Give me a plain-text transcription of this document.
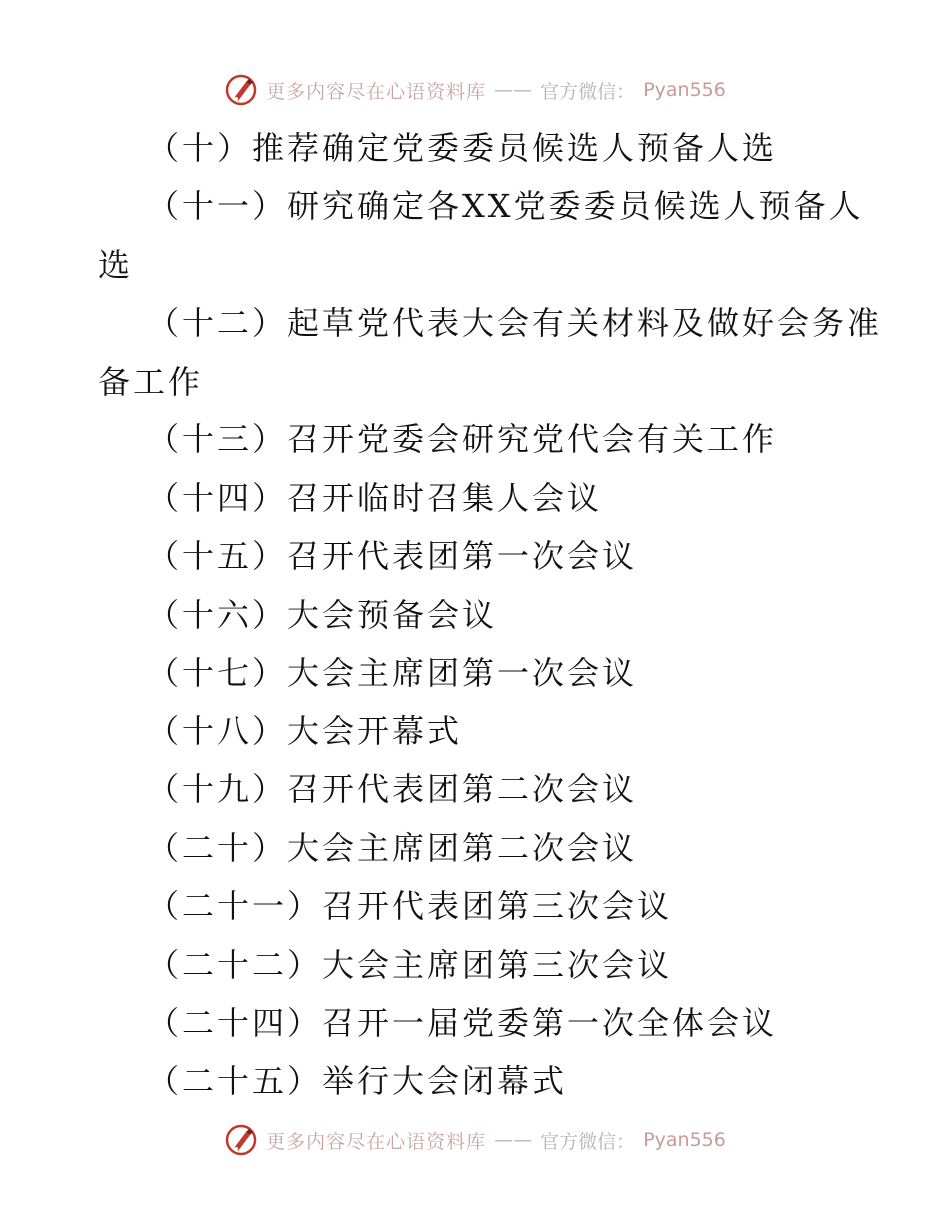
更多内容尽在心语资料库 —— 官方微信： Pyan556
（十）推荐确定党委委员候选人预备人选
（十一）研究确定各XX党委委员候选人预备人
选
（十二）起草党代表大会有关材料及做好会务准
备工作
（十三）召开党委会研究党代会有关工作
（十四）召开临时召集人会议
（十五）召开代表团第一次会议
（十六）大会预备会议
（十七）大会主席团第一次会议
（十八）大会开幕式
（十九）召开代表团第二次会议
（二十）大会主席团第二次会议
（二十一）召开代表团第三次会议
（二十二）大会主席团第三次会议
（二十四）召开一届党委第一次全体会议
（二十五）举行大会闭幕式
更多内容尽在心语资料库 —— 官方微信： Pyan556
